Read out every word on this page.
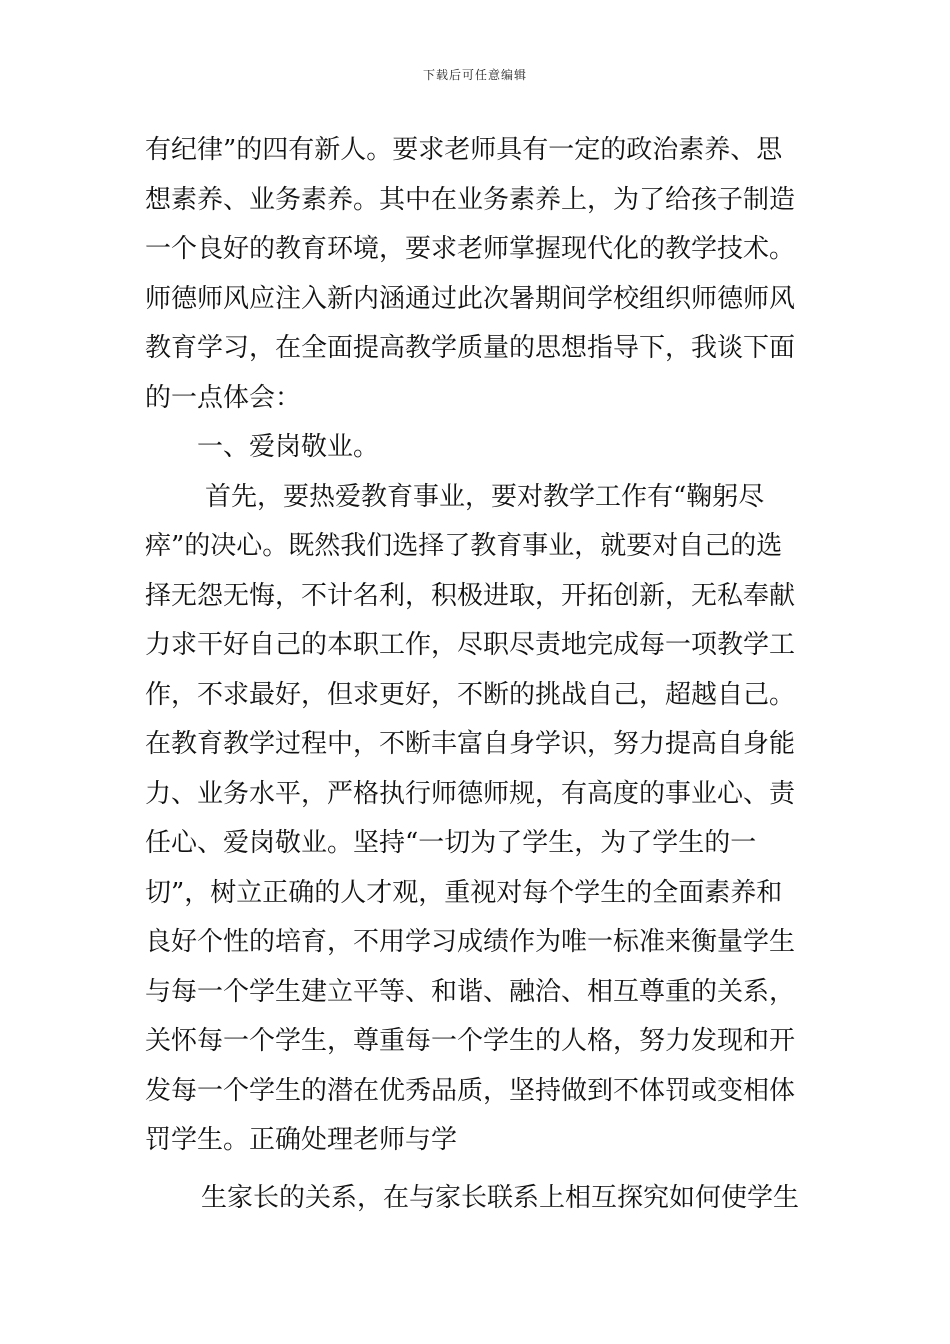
下载后可任意编辑
有纪律”的四有新人。要求老师具有一定的政治素养、思
想素养、业务素养。其中在业务素养上，为了给孩子制造
一个良好的教育环境，要求老师掌握现代化的教学技术。
师德师风应注入新内涵通过此次暑期间学校组织师德师风
教育学习，在全面提高教学质量的思想指导下，我谈下面
的一点体会：
一、爱岗敬业。
首先，要热爱教育事业，要对教学工作有“鞠躬尽
瘁”的决心。既然我们选择了教育事业，就要对自己的选
择无怨无悔，不计名利，积极进取，开拓创新，无私奉献
力求干好自己的本职工作，尽职尽责地完成每一项教学工
作，不求最好，但求更好，不断的挑战自己，超越自己。
在教育教学过程中，不断丰富自身学识，努力提高自身能
力、业务水平，严格执行师德师规，有高度的事业心、责
任心、爱岗敬业。坚持“一切为了学生，为了学生的一
切”，树立正确的人才观，重视对每个学生的全面素养和
良好个性的培育，不用学习成绩作为唯一标准来衡量学生
与每一个学生建立平等、和谐、融洽、相互尊重的关系，
关怀每一个学生，尊重每一个学生的人格，努力发现和开
发每一个学生的潜在优秀品质，坚持做到不体罚或变相体
罚学生。正确处理老师与学
生家长的关系，在与家长联系上相互探究如何使学生
